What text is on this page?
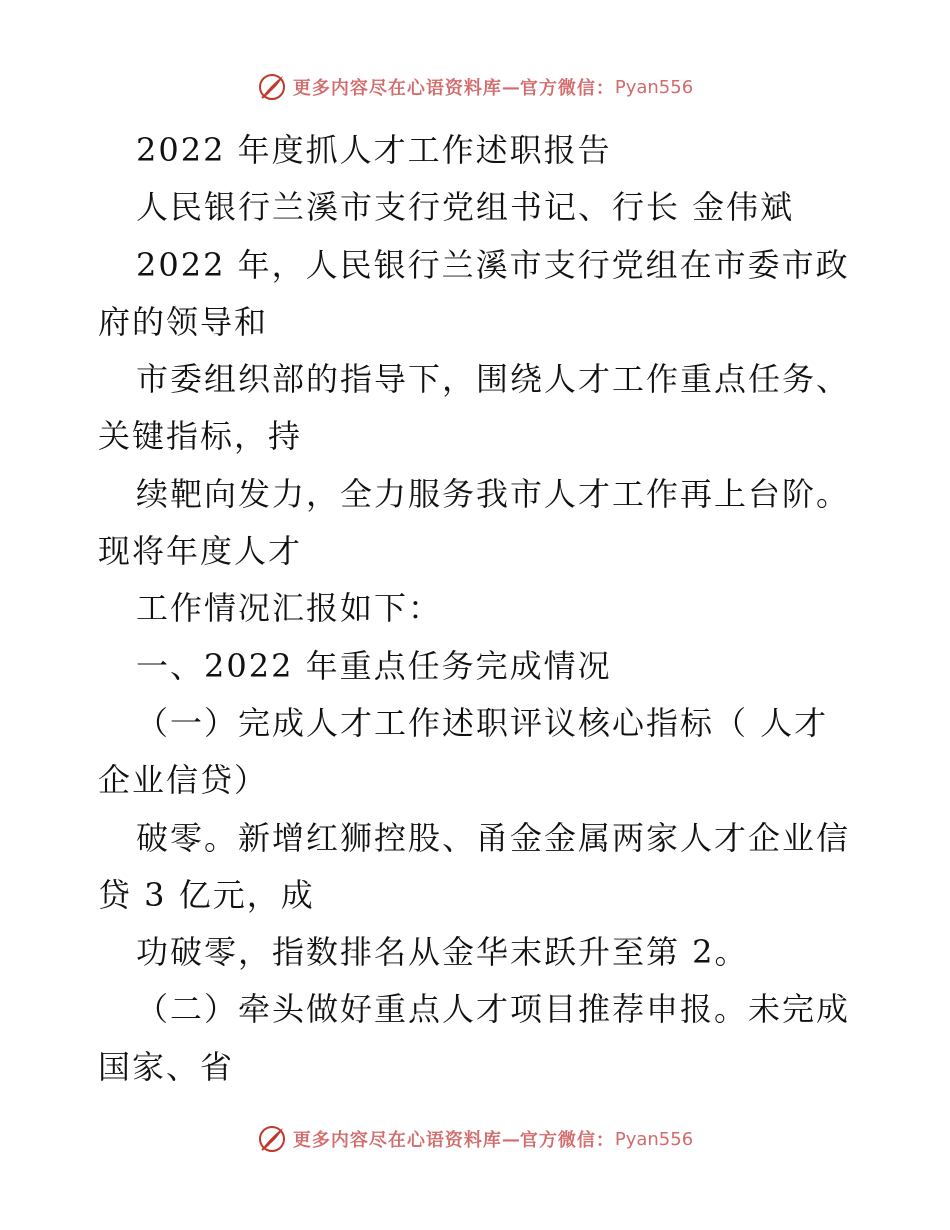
更多内容尽在心语资料库 — 官方微信： Pyan556
2022 年度抓人才工作述职报告
人民银行兰溪市支行党组书记、行长 金伟斌
2022 年，人民银行兰溪市支行党组在市委市政
府的领导和
市委组织部的指导下，围绕人才工作重点任务、
关键指标，持
续靶向发力，全力服务我市人才工作再上台阶。
现将年度人才
工作情况汇报如下：
一、2022 年重点任务完成情况
（一）完成人才工作述职评议核心指标（ 人才
企业信贷）
破零。新增红狮控股、甬金金属两家人才企业信
贷 3 亿元，成
功破零，指数排名从金华末跃升至第 2。
（二）牵头做好重点人才项目推荐申报。未完成
国家、省
更多内容尽在心语资料库 — 官方微信： Pyan556
